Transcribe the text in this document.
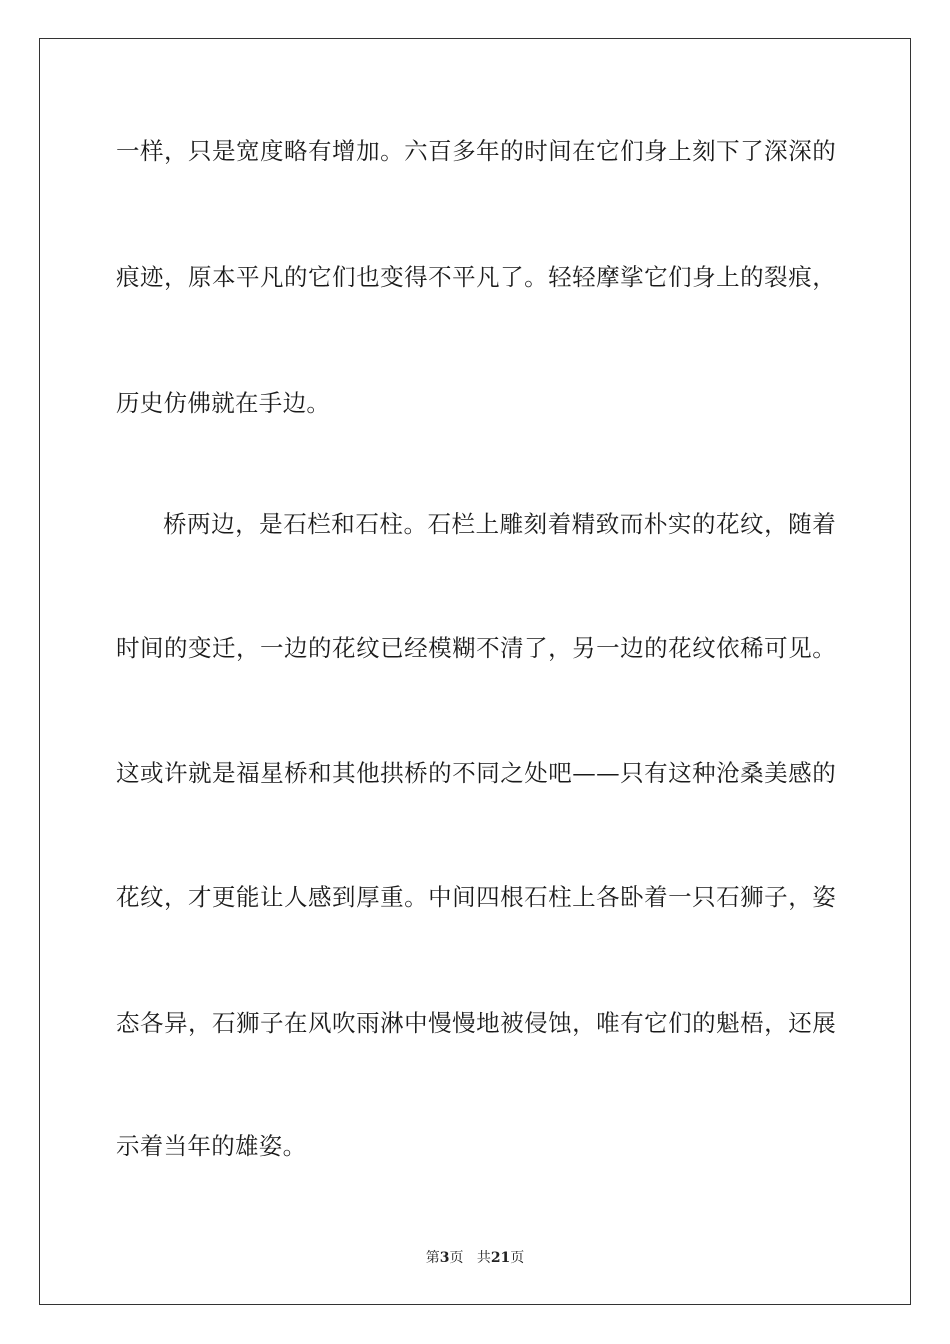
一样，只是宽度略有增加。六百多年的时间在它们身上刻下了深深的
痕迹，原本平凡的它们也变得不平凡了。轻轻摩挲它们身上的裂痕，
历史仿佛就在手边。
桥两边，是石栏和石柱。石栏上雕刻着精致而朴实的花纹，随着
时间的变迁，一边的花纹已经模糊不清了，另一边的花纹依稀可见。
这或许就是福星桥和其他拱桥的不同之处吧——只有这种沧桑美感的
花纹，才更能让人感到厚重。中间四根石柱上各卧着一只石狮子，姿
态各异，石狮子在风吹雨淋中慢慢地被侵蚀，唯有它们的魁梧，还展
示着当年的雄姿。
第3页 共21页
